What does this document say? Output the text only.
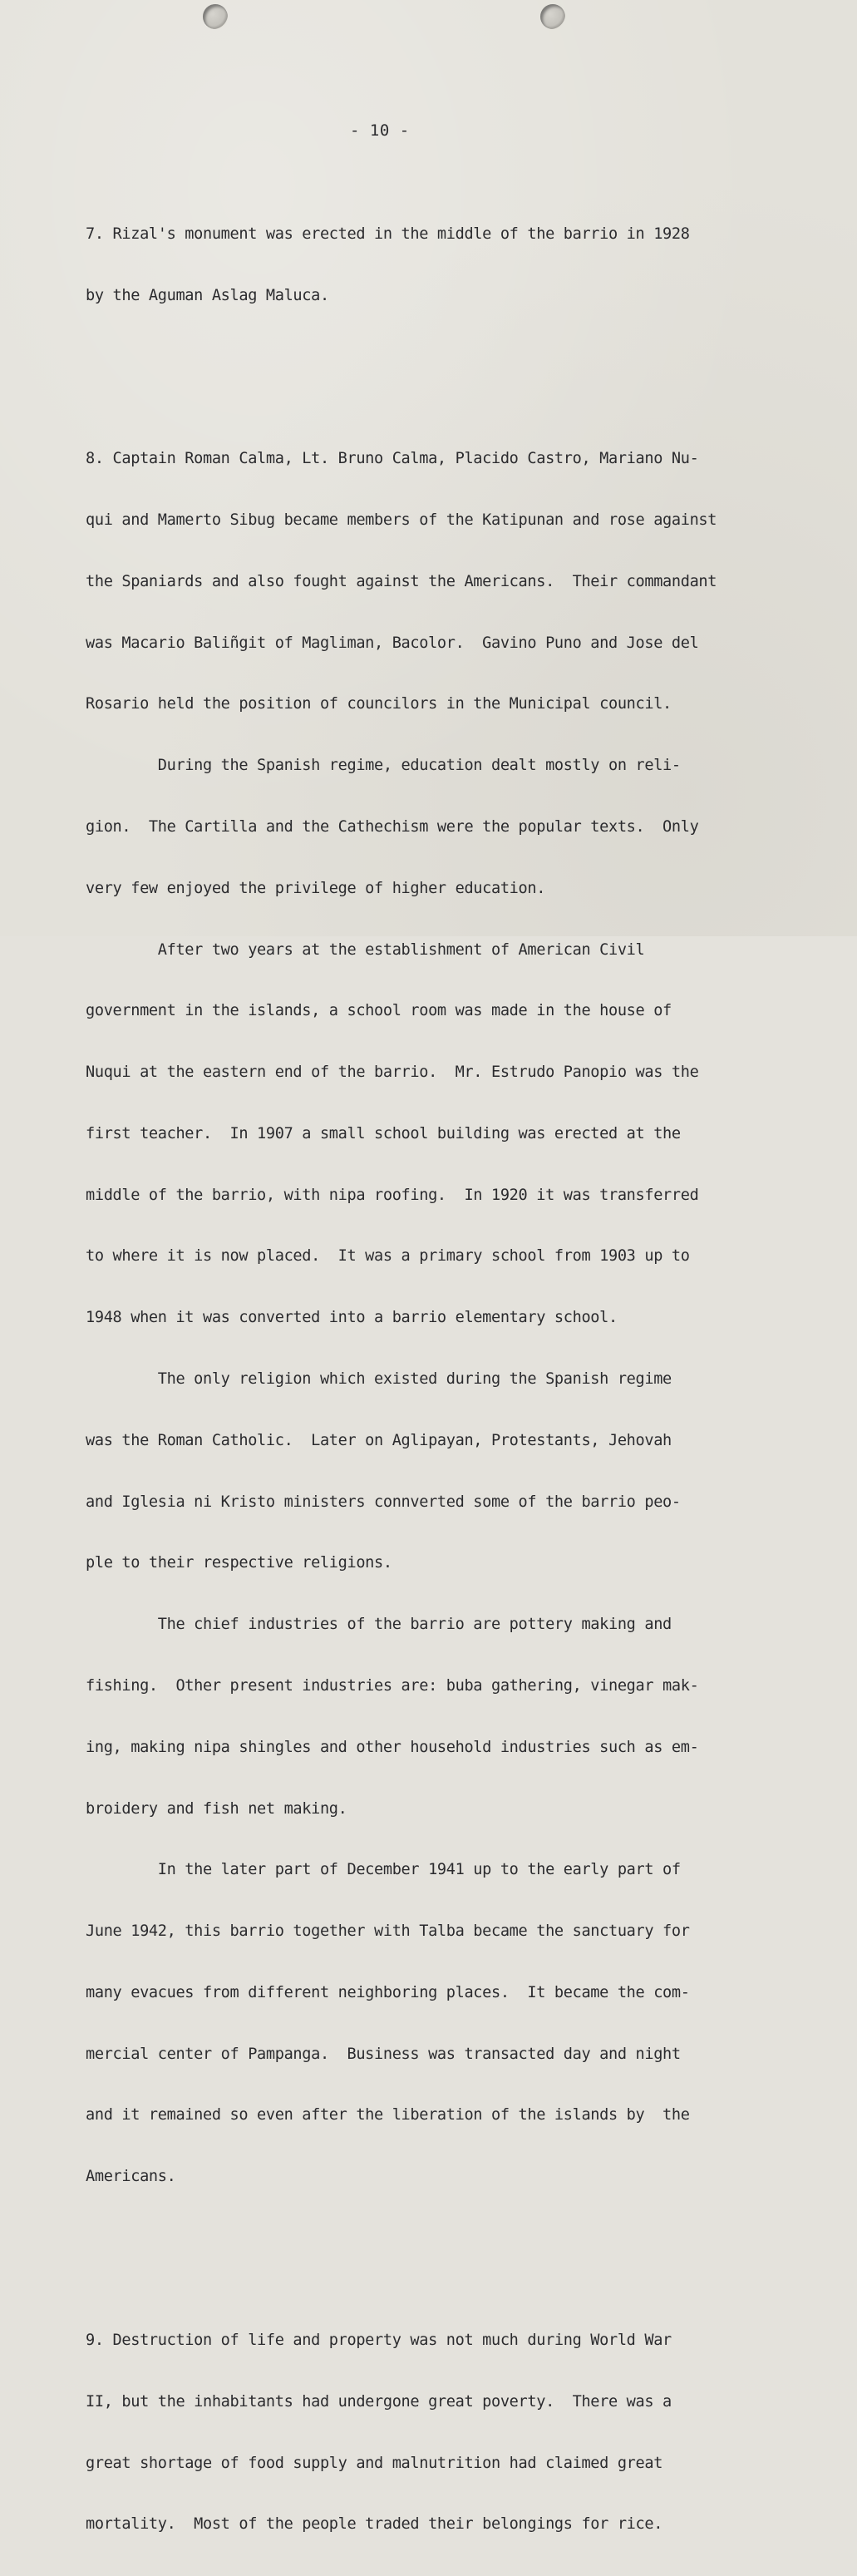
- 10 -

7. Rizal's monument was erected in the middle of the barrio in 1928

by the Aguman Aslag Maluca.

8. Captain Roman Calma, Lt. Bruno Calma, Placido Castro, Mariano Nu-

qui and Mamerto Sibug became members of the Katipunan and rose against

the Spaniards and also fought against the Americans.  Their commandant

was Macario Baliñgit of Magliman, Bacolor.  Gavino Puno and Jose del

Rosario held the position of councilors in the Municipal council.

During the Spanish regime, education dealt mostly on reli-

gion.  The Cartilla and the Cathechism were the popular texts.  Only

very few enjoyed the privilege of higher education.

After two years at the establishment of American Civil

government in the islands, a school room was made in the house of

Nuqui at the eastern end of the barrio.  Mr. Estrudo Panopio was the

first teacher.  In 1907 a small school building was erected at the

middle of the barrio, with nipa roofing.  In 1920 it was transferred

to where it is now placed.  It was a primary school from 1903 up to

1948 when it was converted into a barrio elementary school.

The only religion which existed during the Spanish regime

was the Roman Catholic.  Later on Aglipayan, Protestants, Jehovah

and Iglesia ni Kristo ministers connverted some of the barrio peo-

ple to their respective religions.

The chief industries of the barrio are pottery making and

fishing.  Other present industries are: buba gathering, vinegar mak-

ing, making nipa shingles and other household industries such as em-

broidery and fish net making.

In the later part of December 1941 up to the early part of

June 1942, this barrio together with Talba became the sanctuary for

many evacues from different neighboring places.  It became the com-

mercial center of Pampanga.  Business was transacted day and night

and it remained so even after the liberation of the islands by  the

Americans.

9. Destruction of life and property was not much during World War

II, but the inhabitants had undergone great poverty.  There was a

great shortage of food supply and malnutrition had claimed great

mortality.  Most of the people traded their belongings for rice.
